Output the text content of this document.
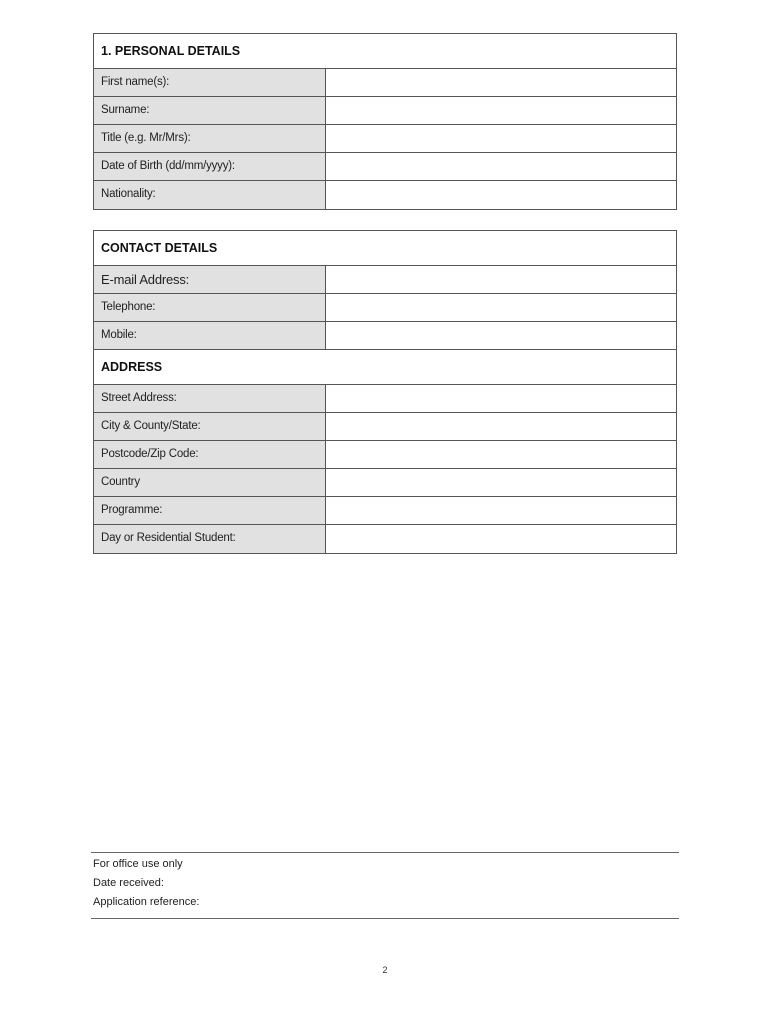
1. PERSONAL DETAILS
First name(s):
Surname:
Title (e.g. Mr/Mrs):
Date of Birth (dd/mm/yyyy):
Nationality:
CONTACT DETAILS
E-mail Address:
Telephone:
Mobile:
ADDRESS
Street Address:
City & County/State:
Postcode/Zip Code:
Country
Programme:
Day or Residential Student:
For office use only
Date received:
Application reference:
2
